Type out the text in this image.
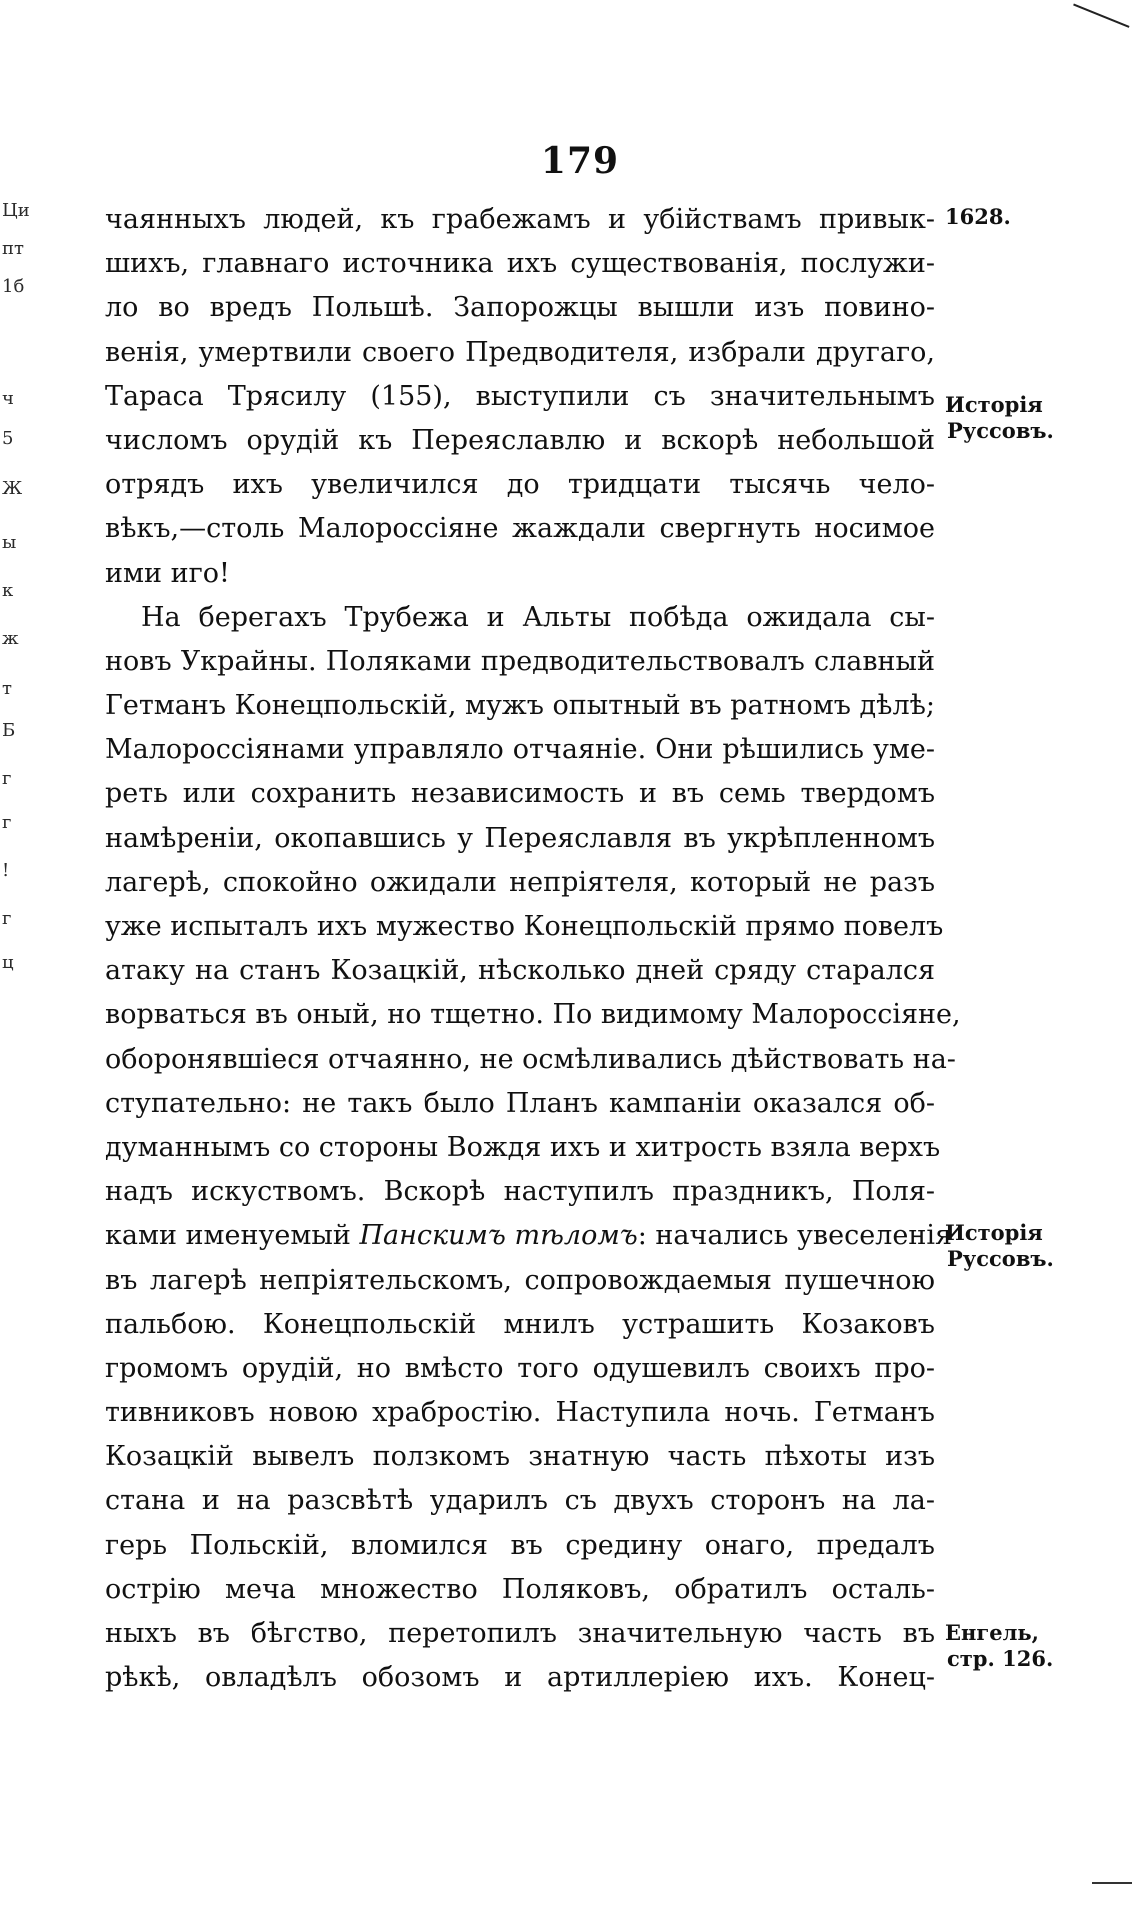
Ци
пт
1б
ч
5
Ж
ы
к
ж
т
Б
г
г
!
г
ц
179
чаянныхъ людей, къ грабежамъ и убійствамъ привык-
шихъ, главнаго источника ихъ существованія, послужи-
ло во вредъ Польшѣ. Запорожцы вышли изъ повино-
венія, умертвили своего Предводителя, избрали другаго,
Тараса Трясилу (155), выступили съ значительнымъ
числомъ орудій къ Переяславлю и вскорѣ небольшой
отрядъ ихъ увеличился до тридцати тысячь чело-
вѣкъ,—столь Малороссіяне жаждали свергнуть носимое
ими иго!
На берегахъ Трубежа и Альты побѣда ожидала сы-
новъ Украйны. Поляками предводительствовалъ славный
Гетманъ Конецпольскій, мужъ опытный въ ратномъ дѣлѣ;
Малороссіянами управляло отчаяніе. Они рѣшились уме-
реть или сохранить независимость и въ семь твердомъ
намѣреніи, окопавшись у Переяславля въ укрѣпленномъ
лагерѣ, спокойно ожидали непріятеля, который не разъ
уже испыталъ ихъ мужество Конецпольскій прямо повелъ
атаку на станъ Козацкій, нѣсколько дней сряду старался
ворваться въ оный, но тщетно. По видимому Малороссіяне,
оборонявшіеся отчаянно, не осмѣливались дѣйствовать на-
ступательно: не такъ было Планъ кампаніи оказался об-
думаннымъ со стороны Вождя ихъ и хитрость взяла верхъ
надъ искуствомъ. Вскорѣ наступилъ праздникъ, Поля-
ками именуемый Панскимъ тѣломъ: начались увеселенія
въ лагерѣ непріятельскомъ, сопровождаемыя пушечною
пальбою. Конецпольскій мнилъ устрашить Козаковъ
громомъ орудій, но вмѣсто того одушевилъ своихъ про-
тивниковъ новою храбростію. Наступила ночь. Гетманъ
Козацкій вывелъ ползкомъ знатную часть пѣхоты изъ
стана и на разсвѣтѣ ударилъ съ двухъ сторонъ на ла-
герь Польскій, вломился въ средину онаго, предалъ
острію меча множество Поляковъ, обратилъ осталь-
ныхъ въ бѣгство, перетопилъ значительную часть въ
рѣкѣ, овладѣлъ обозомъ и артиллеріею ихъ. Конец-
1628.
Исторія
Руссовъ.
Исторія
Руссовъ.
Енгель,
стр. 126.
